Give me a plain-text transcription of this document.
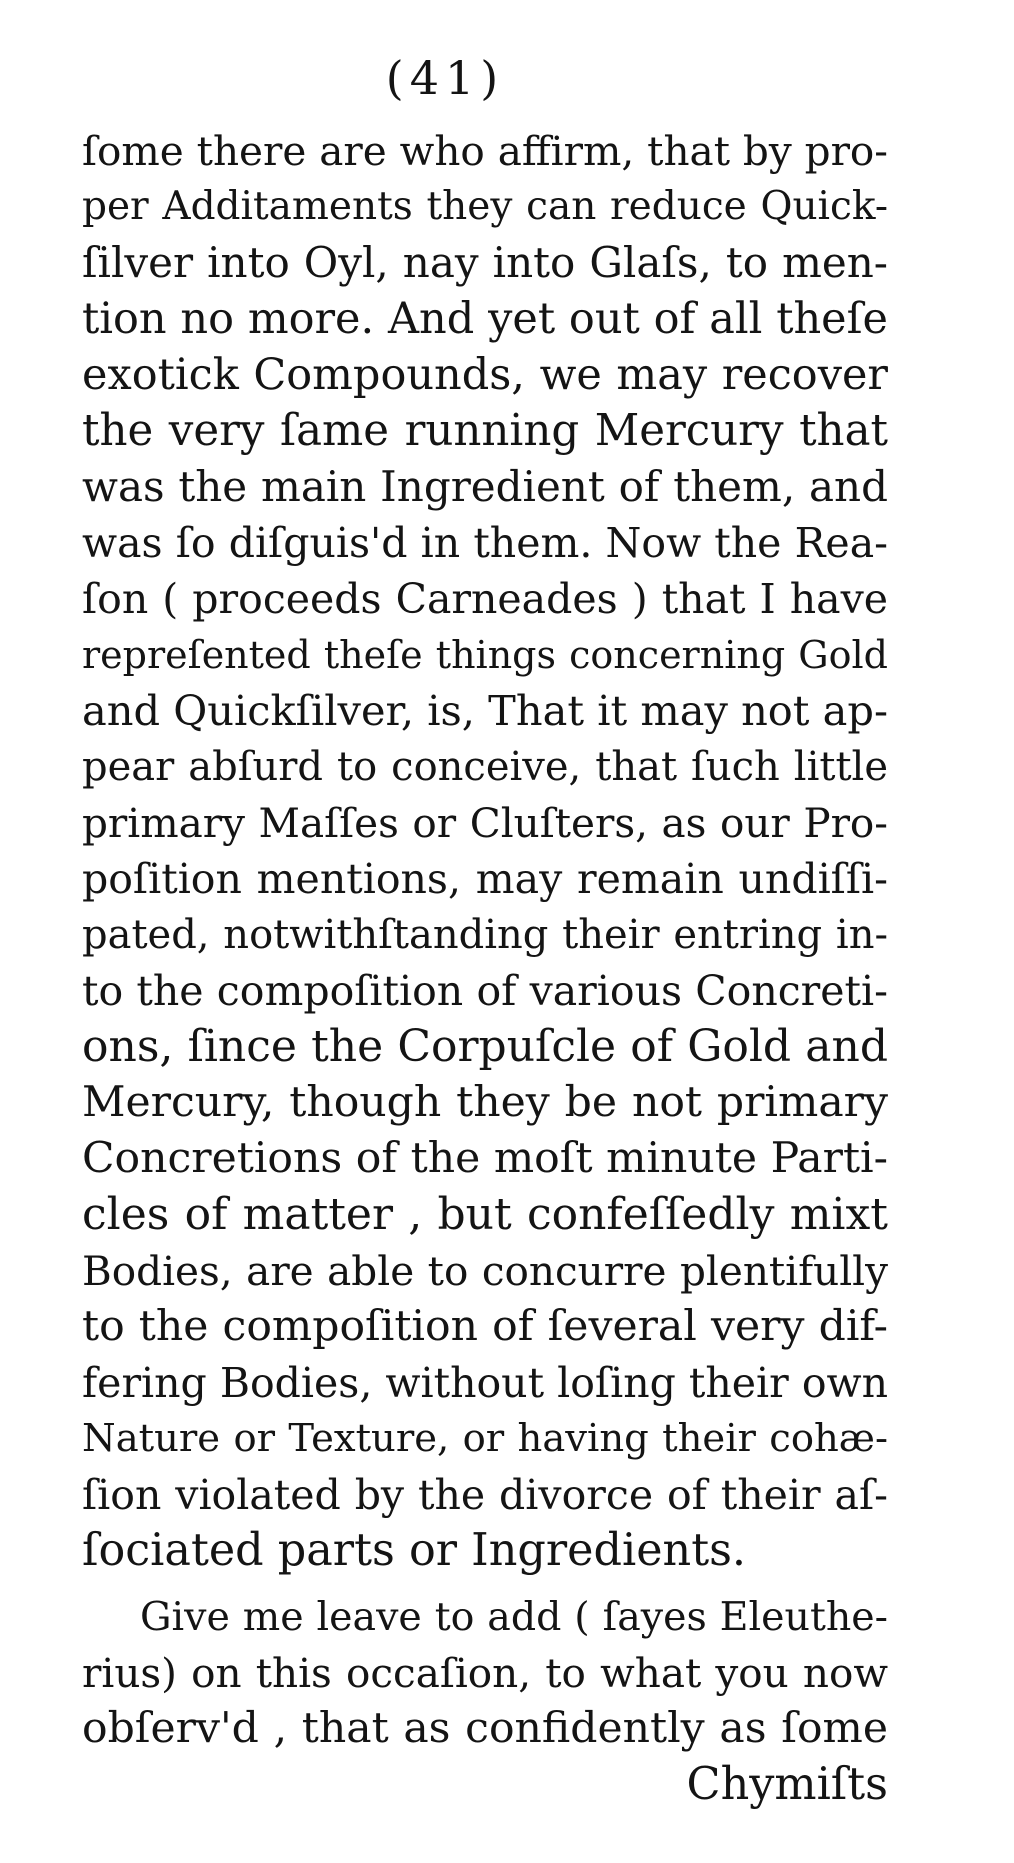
(41)
ſome there are who affirm, that by pro-
per Additaments they can reduce Quick-
ſilver into Oyl, nay into Glaſs, to men-
tion no more. And yet out of all theſe
exotick Compounds, we may recover
the very ſame running Mercury that
was the main Ingredient of them, and
was ſo diſguis'd in them. Now the Rea-
ſon ( proceeds Carneades ) that I have
repreſented theſe things concerning Gold
and Quickſilver, is, That it may not ap-
pear abſurd to conceive, that ſuch little
primary Maſſes or Cluſters, as our Pro-
poſition mentions, may remain undiſſi-
pated, notwithſtanding their entring in-
to the compoſition of various Concreti-
ons, ſince the Corpuſcle of Gold and
Mercury, though they be not primary
Concretions of the moſt minute Parti-
cles of matter , but confeſſedly mixt
Bodies, are able to concurre plentifully
to the compoſition of ſeveral very dif-
fering Bodies, without loſing their own
Nature or Texture, or having their cohæ-
ſion violated by the divorce of their aſ-
ſociated parts or Ingredients.
Give me leave to add ( ſayes Eleuthe-
rius) on this occaſion, to what you now
obſerv'd , that as confidently as ſome
Chymiſts
